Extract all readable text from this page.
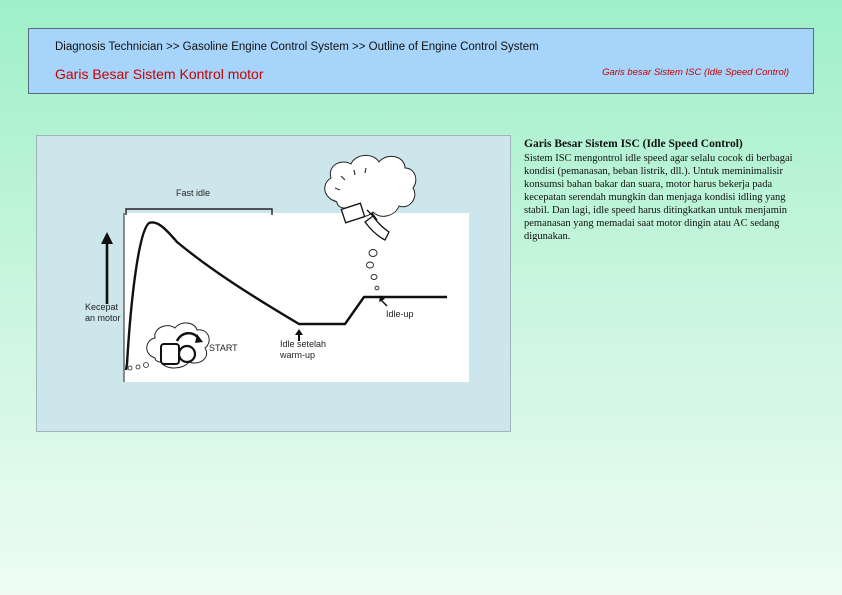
Diagnosis Technician >> Gasoline Engine Control System >> Outline of Engine Control System
Garis Besar Sistem Kontrol motor	Garis besar Sistem ISC (Idle Speed Control)
Fast idle
Kecepatan motor	Idle-up
START	Idle setelah warm-up

Garis Besar Sistem ISC (Idle Speed Control)

Sistem ISC mengontrol idle speed agar selalu cocok di berbagai kondisi (pemanasan, beban listrik, dll.). Untuk meminimalisir konsumsi bahan bakar dan suara, motor harus bekerja pada kecepatan serendah mungkin dan menjaga kondisi idling yang stabil. Dan lagi, idle speed harus ditingkatkan untuk menjamin pemanasan yang memadai saat motor dingin atau AC sedang digunakan.
